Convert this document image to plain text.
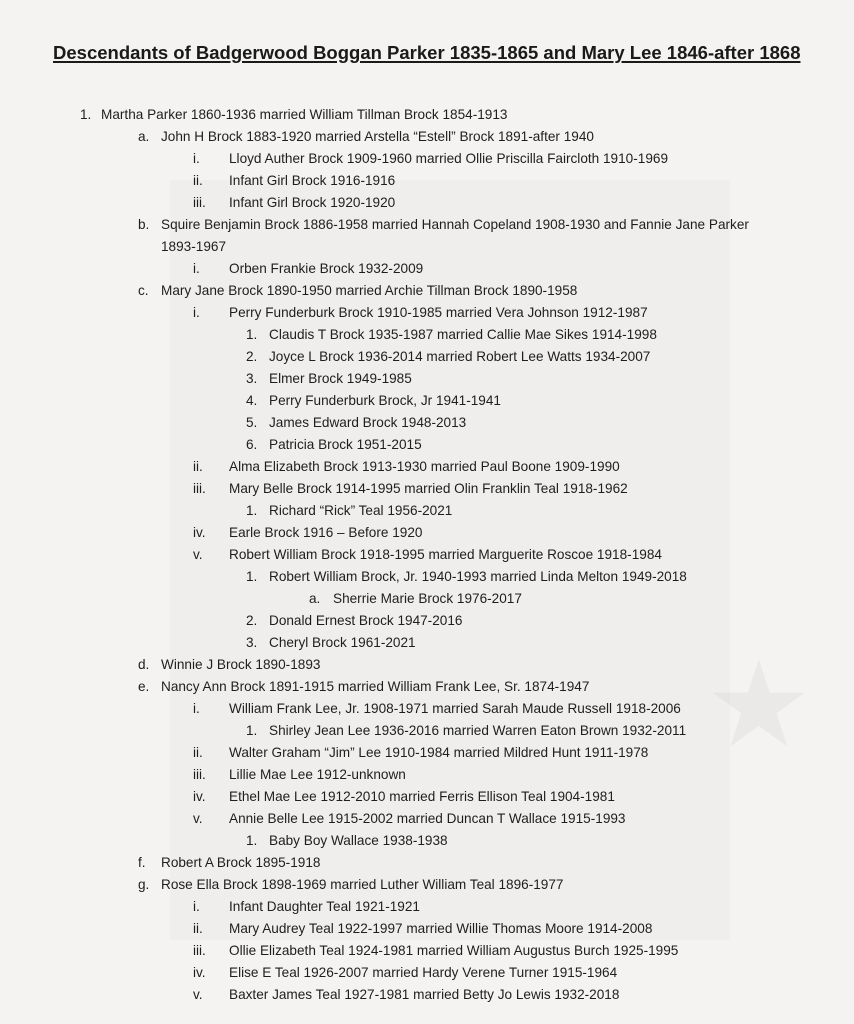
★
Descendants of Badgerwood Boggan Parker 1835-1865 and Mary Lee 1846-after 1868
1. Martha Parker 1860-1936 married William Tillman Brock 1854-1913
a. John H Brock 1883-1920 married Arstella “Estell” Brock 1891-after 1940
i. Lloyd Auther Brock 1909-1960 married Ollie Priscilla Faircloth 1910-1969
ii. Infant Girl Brock 1916-1916
iii. Infant Girl Brock 1920-1920
b. Squire Benjamin Brock 1886-1958 married Hannah Copeland 1908-1930 and Fannie Jane Parker 1893-1967
i. Orben Frankie Brock 1932-2009
c. Mary Jane Brock 1890-1950 married Archie Tillman Brock 1890-1958
i. Perry Funderburk Brock 1910-1985 married Vera Johnson 1912-1987
1. Claudis T Brock 1935-1987 married Callie Mae Sikes 1914-1998
2. Joyce L Brock 1936-2014 married Robert Lee Watts 1934-2007
3. Elmer Brock 1949-1985
4. Perry Funderburk Brock, Jr 1941-1941
5. James Edward Brock 1948-2013
6. Patricia Brock 1951-2015
ii. Alma Elizabeth Brock 1913-1930 married Paul Boone 1909-1990
iii. Mary Belle Brock 1914-1995 married Olin Franklin Teal 1918-1962
1. Richard “Rick” Teal 1956-2021
iv. Earle Brock 1916 – Before 1920
v. Robert William Brock 1918-1995 married Marguerite Roscoe 1918-1984
1. Robert William Brock, Jr. 1940-1993 married Linda Melton 1949-2018
a. Sherrie Marie Brock 1976-2017
2. Donald Ernest Brock 1947-2016
3. Cheryl Brock 1961-2021
d. Winnie J Brock 1890-1893
e. Nancy Ann Brock 1891-1915 married William Frank Lee, Sr. 1874-1947
i. William Frank Lee, Jr. 1908-1971 married Sarah Maude Russell 1918-2006
1. Shirley Jean Lee 1936-2016 married Warren Eaton Brown 1932-2011
ii. Walter Graham “Jim” Lee 1910-1984 married Mildred Hunt 1911-1978
iii. Lillie Mae Lee 1912-unknown
iv. Ethel Mae Lee 1912-2010 married Ferris Ellison Teal 1904-1981
v. Annie Belle Lee 1915-2002 married Duncan T Wallace 1915-1993
1. Baby Boy Wallace 1938-1938
f. Robert A Brock 1895-1918
g. Rose Ella Brock 1898-1969 married Luther William Teal 1896-1977
i. Infant Daughter Teal 1921-1921
ii. Mary Audrey Teal 1922-1997 married Willie Thomas Moore 1914-2008
iii. Ollie Elizabeth Teal 1924-1981 married William Augustus Burch 1925-1995
iv. Elise E Teal 1926-2007 married Hardy Verene Turner 1915-1964
v. Baxter James Teal 1927-1981 married Betty Jo Lewis 1932-2018
